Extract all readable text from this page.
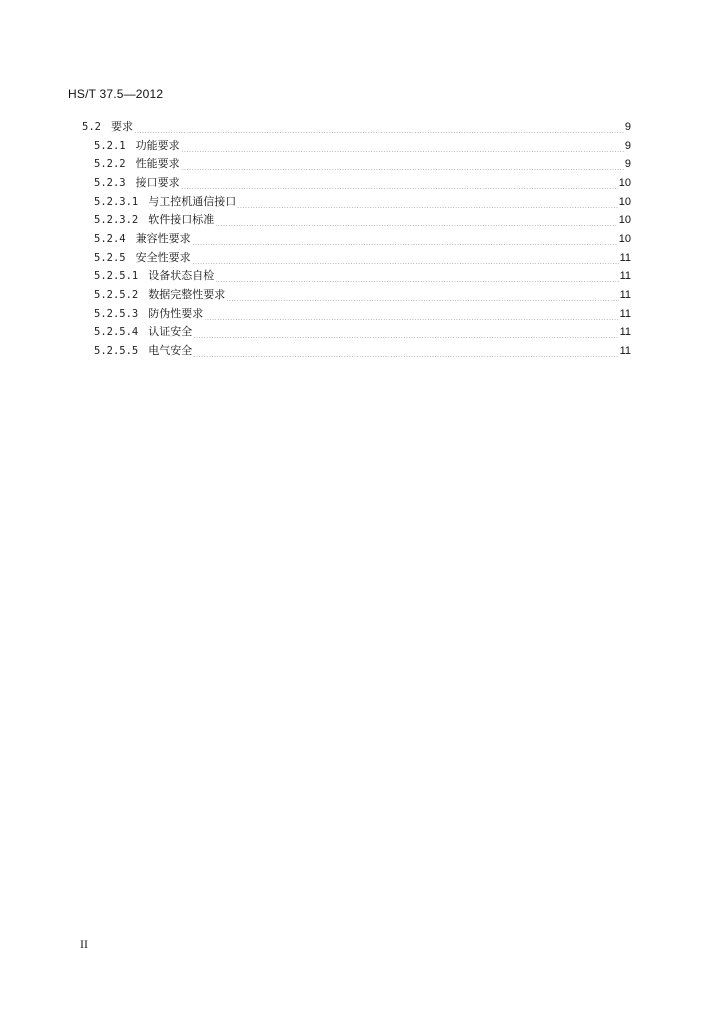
HS/T 37.5—2012
5.2 要求	9
5.2.1 功能要求	9
5.2.2 性能要求	9
5.2.3 接口要求	10
5.2.3.1 与工控机通信接口	10
5.2.3.2 软件接口标准	10
5.2.4 兼容性要求	10
5.2.5 安全性要求	11
5.2.5.1 设备状态自检	11
5.2.5.2 数据完整性要求	11
5.2.5.3 防伪性要求	11
5.2.5.4 认证安全	11
5.2.5.5 电气安全	11
II
